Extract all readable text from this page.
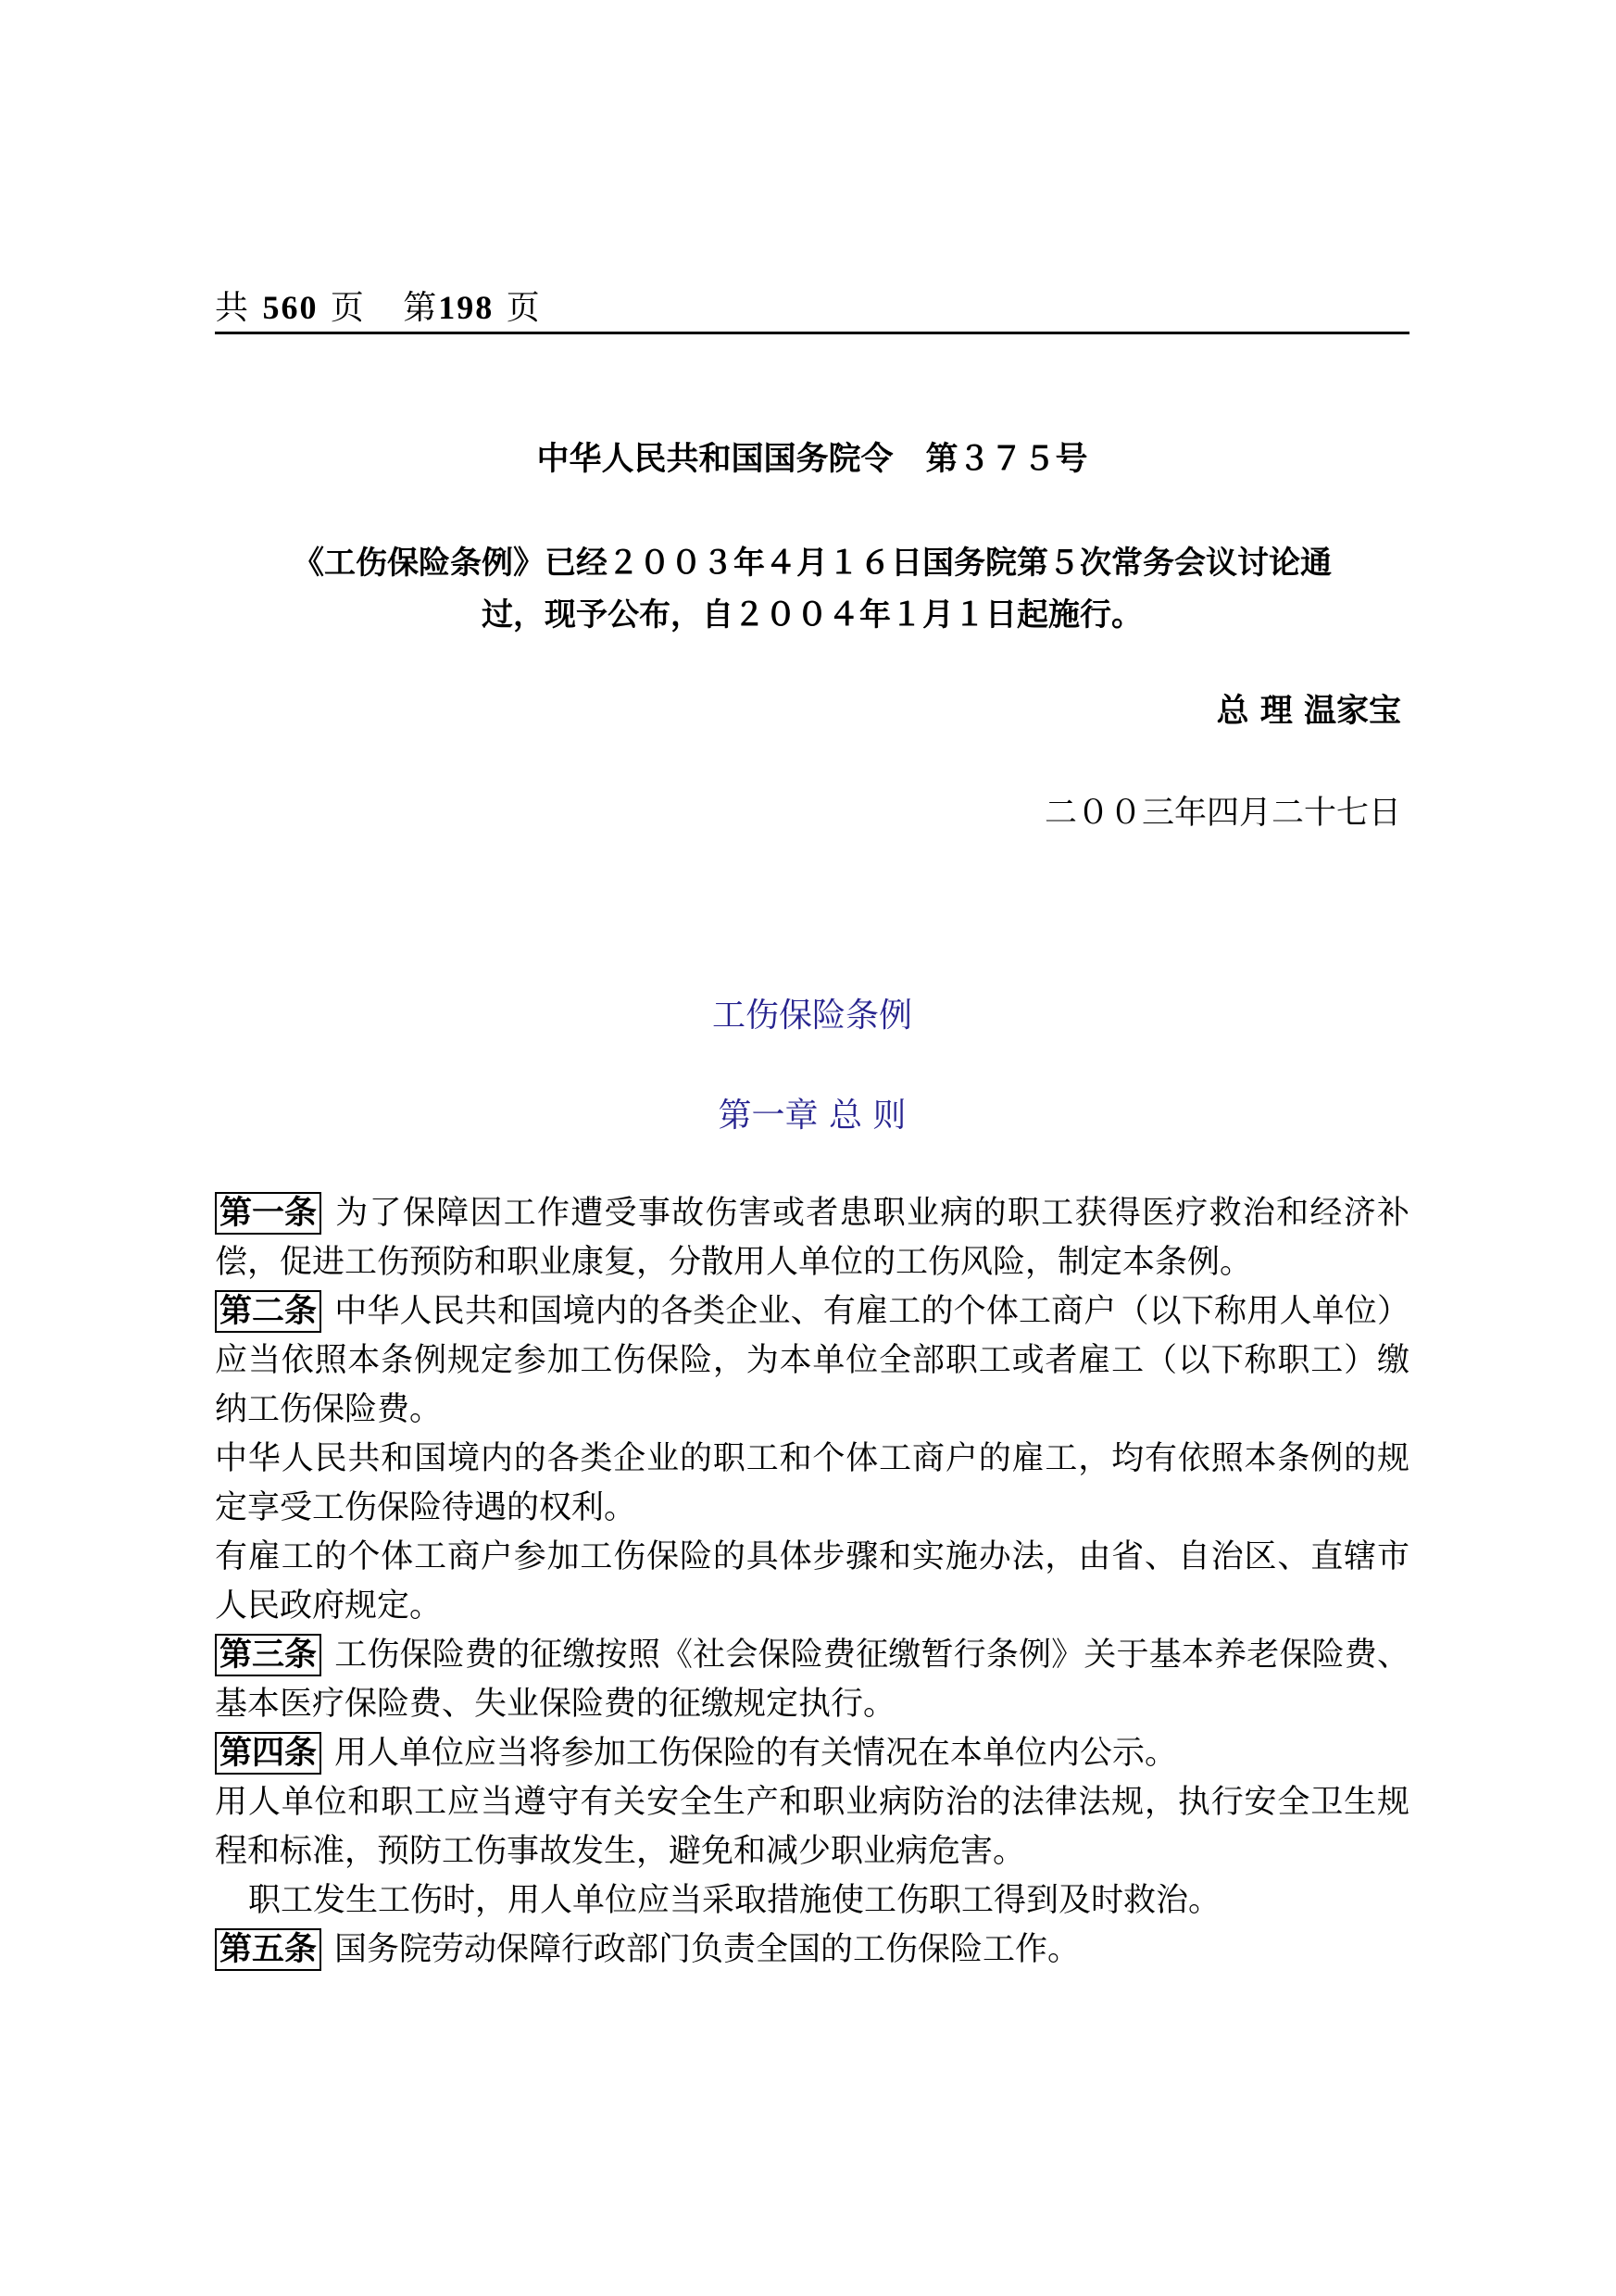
共 560 页 第198 页
中华人民共和国国务院令　第３７５号
《工伤保险条例》已经２００３年４月１６日国务院第５次常务会议讨论通
过，现予公布，自２００４年１月１日起施行。
总 理 温家宝
二００三年四月二十七日
工伤保险条例
第一章 总 则

第一条 为了保障因工作遭受事故伤害或者患职业病的职工获得医疗救治和经济补偿，促进工伤预防和职业康复，分散用人单位的工伤风险，制定本条例。

第二条 中华人民共和国境内的各类企业、有雇工的个体工商户（以下称用人单位）应当依照本条例规定参加工伤保险，为本单位全部职工或者雇工（以下称职工）缴纳工伤保险费。

中华人民共和国境内的各类企业的职工和个体工商户的雇工，均有依照本条例的规定享受工伤保险待遇的权利。

有雇工的个体工商户参加工伤保险的具体步骤和实施办法，由省、自治区、直辖市人民政府规定。

第三条 工伤保险费的征缴按照《社会保险费征缴暂行条例》关于基本养老保险费、基本医疗保险费、失业保险费的征缴规定执行。

第四条 用人单位应当将参加工伤保险的有关情况在本单位内公示。

用人单位和职工应当遵守有关安全生产和职业病防治的法律法规，执行安全卫生规程和标准，预防工伤事故发生，避免和减少职业病危害。

职工发生工伤时，用人单位应当采取措施使工伤职工得到及时救治。

第五条 国务院劳动保障行政部门负责全国的工伤保险工作。
